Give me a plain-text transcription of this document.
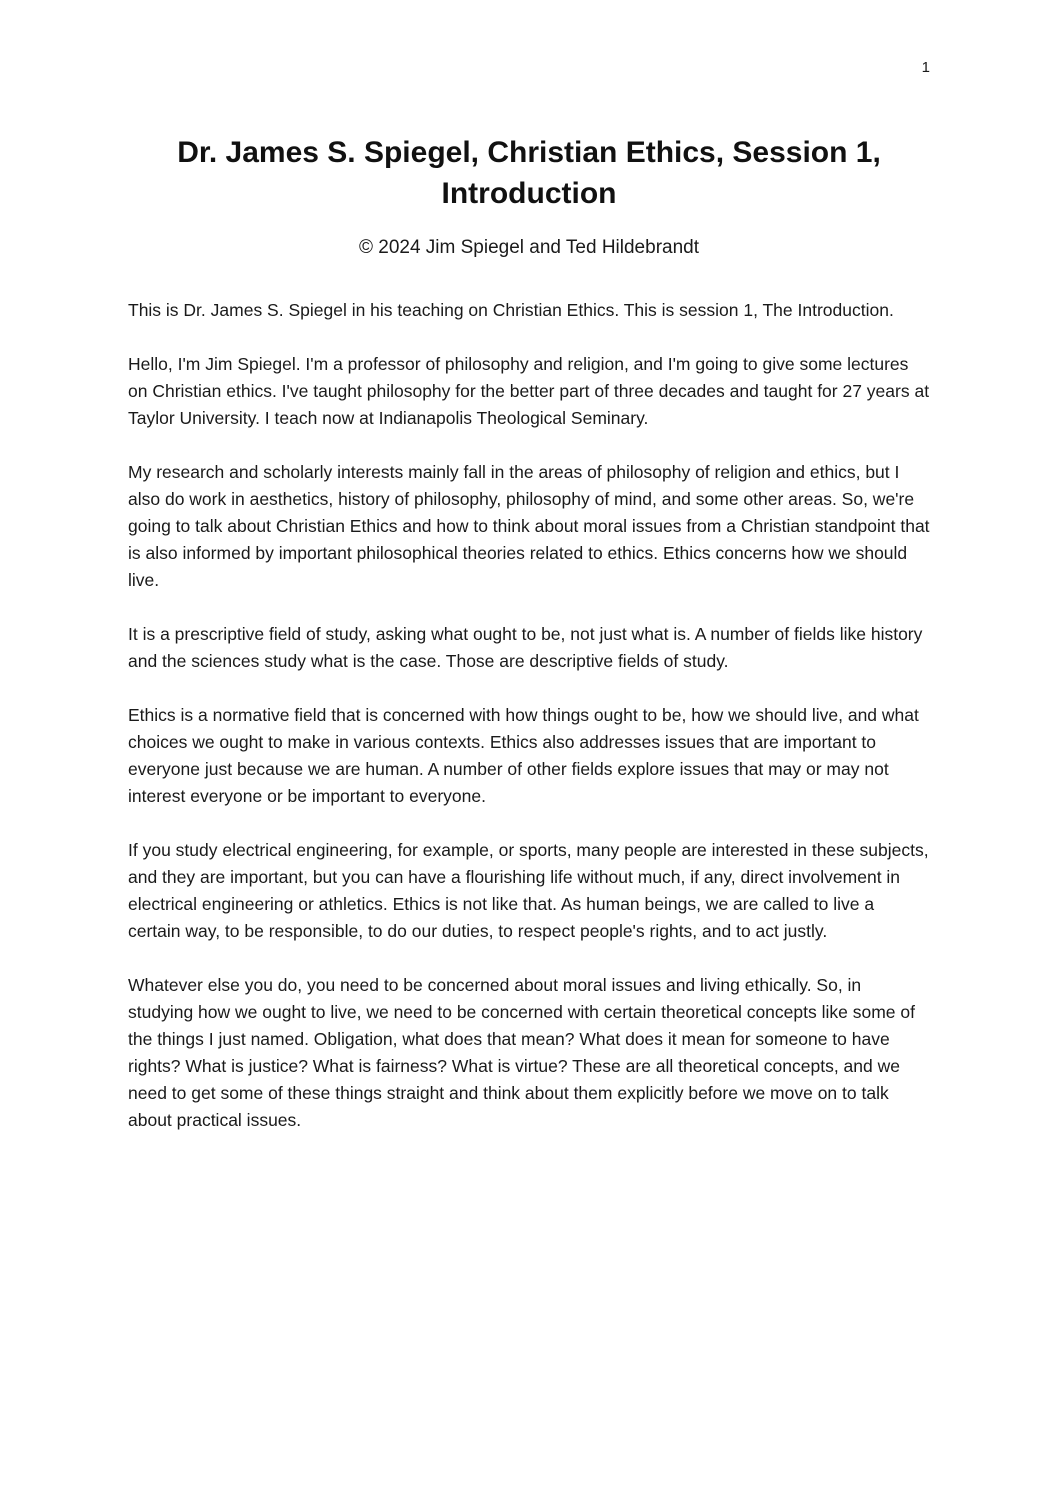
1
Dr. James S. Spiegel, Christian Ethics, Session 1,
Introduction
© 2024 Jim Spiegel and Ted Hildebrandt

This is Dr. James S. Spiegel in his teaching on Christian Ethics. This is session 1, The Introduction.

Hello, I'm Jim Spiegel. I'm a professor of philosophy and religion, and I'm going to give some lectures on Christian ethics. I've taught philosophy for the better part of three decades and taught for 27 years at Taylor University. I teach now at Indianapolis Theological Seminary.

My research and scholarly interests mainly fall in the areas of philosophy of religion and ethics, but I also do work in aesthetics, history of philosophy, philosophy of mind, and some other areas. So, we're going to talk about Christian Ethics and how to think about moral issues from a Christian standpoint that is also informed by important philosophical theories related to ethics. Ethics concerns how we should live.

It is a prescriptive field of study, asking what ought to be, not just what is. A number of fields like history and the sciences study what is the case. Those are descriptive fields of study.

Ethics is a normative field that is concerned with how things ought to be, how we should live, and what choices we ought to make in various contexts. Ethics also addresses issues that are important to everyone just because we are human. A number of other fields explore issues that may or may not interest everyone or be important to everyone.

If you study electrical engineering, for example, or sports, many people are interested in these subjects, and they are important, but you can have a flourishing life without much, if any, direct involvement in electrical engineering or athletics. Ethics is not like that. As human beings, we are called to live a certain way, to be responsible, to do our duties, to respect people's rights, and to act justly.

Whatever else you do, you need to be concerned about moral issues and living ethically. So, in studying how we ought to live, we need to be concerned with certain theoretical concepts like some of the things I just named. Obligation, what does that mean? What does it mean for someone to have rights? What is justice? What is fairness? What is virtue? These are all theoretical concepts, and we need to get some of these things straight and think about them explicitly before we move on to talk about practical issues.
